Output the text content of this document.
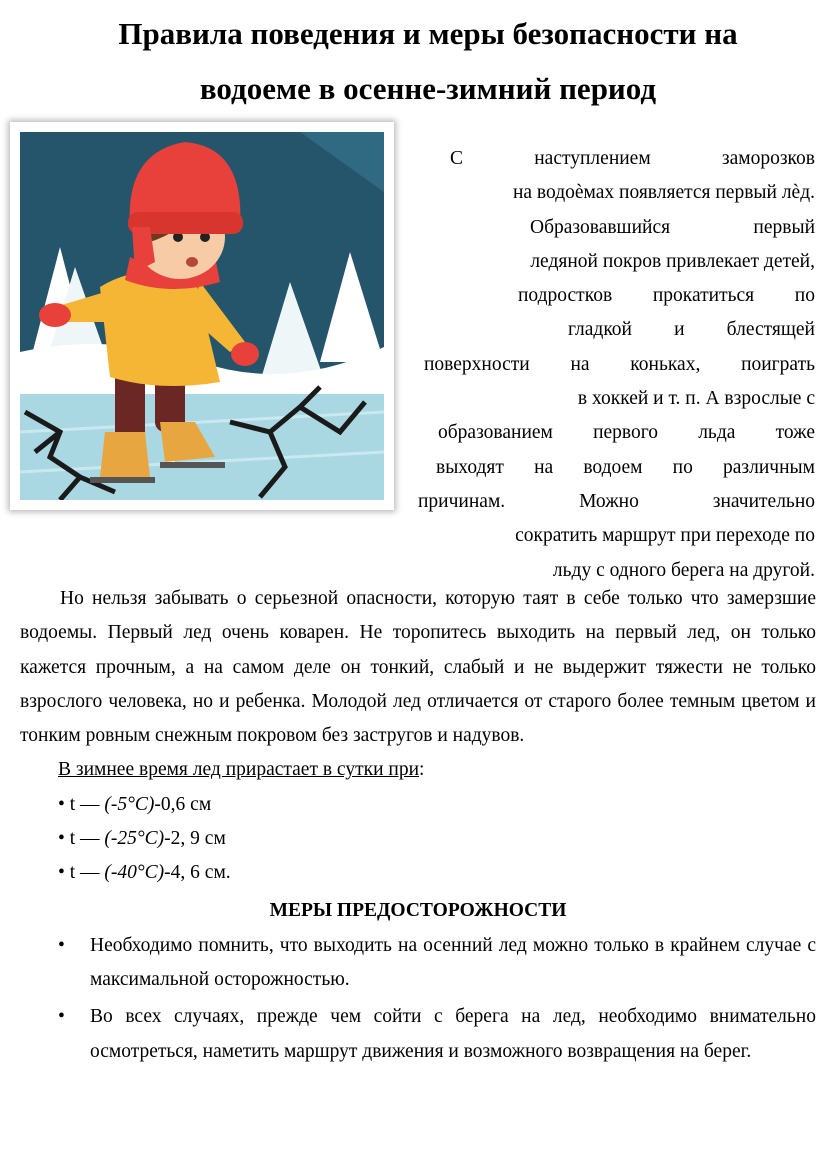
Правила поведения и меры безопасности на
водоеме в осенне-зимний период
С наступлением заморозков
на водоѐмах появляется первый лѐд.
Образовавшийся первый
ледяной покров привлекает детей,
подростков прокатиться по
гладкой и блестящей
поверхности на коньках, поиграть
в хоккей и т. п. А взрослые с
образованием первого льда тоже
выходят на водоем по различным
причинам. Можно значительно
сократить маршрут при переходе по
льду с одного берега на другой.

Но нельзя забывать о серьезной опасности, которую таят в себе только что замерзшие водоемы. Первый лед очень коварен. Не торопитесь выходить на первый лед, он только кажется прочным, а на самом деле он тонкий, слабый и не выдержит тяжести не только взрослого человека, но и ребенка. Молодой лед отличается от старого более темным цветом и тонким ровным снежным покровом без застругов и надувов.

В зимнее время лед прирастает в сутки при:
• t — (-5°С)-0,6 см
• t — (-25°С)-2, 9 см
• t — (-40°С)-4, 6 см.
МЕРЫ ПРЕДОСТОРОЖНОСТИ
•	Необходимо помнить, что выходить на осенний лед можно только в крайнем случае с максимальной осторожностью.
•	Во всех случаях, прежде чем сойти с берега на лед, необходимо внимательно осмотреться, наметить маршрут движения и возможного возвращения на берег.
